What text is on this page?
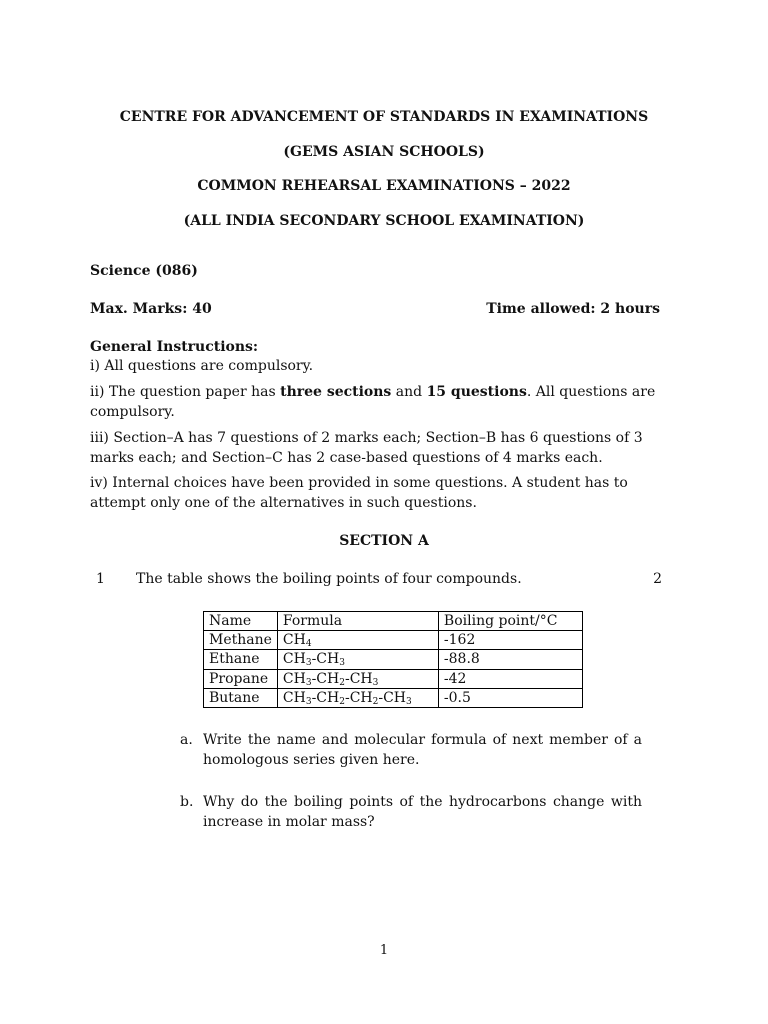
CENTRE FOR ADVANCEMENT OF STANDARDS IN EXAMINATIONS
(GEMS ASIAN SCHOOLS)
COMMON REHEARSAL EXAMINATIONS – 2022
(ALL INDIA SECONDARY SCHOOL EXAMINATION)
Science (086)
Max. Marks: 40	Time allowed: 2 hours
General Instructions:
i) All questions are compulsory.
ii) The question paper has three sections and 15 questions. All questions are compulsory.
iii) Section–A has 7 questions of 2 marks each; Section–B has 6 questions of 3 marks each; and Section–C has 2 case-based questions of 4 marks each.
iv) Internal choices have been provided in some questions. A student has to attempt only one of the alternatives in such questions.
SECTION A
1 The table shows the boiling points of four compounds.	2
Name	Formula	Boiling point/°C
Methane	$CH_4$	-162
Ethane	$CH_3-CH_3$	-88.8
Propane	$CH_3-CH_2-CH_3$	-42
Butane	$CH_3-CH_2-CH_2-CH_3$	-0.5
a. Write the name and molecular formula of next member of a homologous series given here.
b. Why do the boiling points of the hydrocarbons change with increase in molar mass?
1
